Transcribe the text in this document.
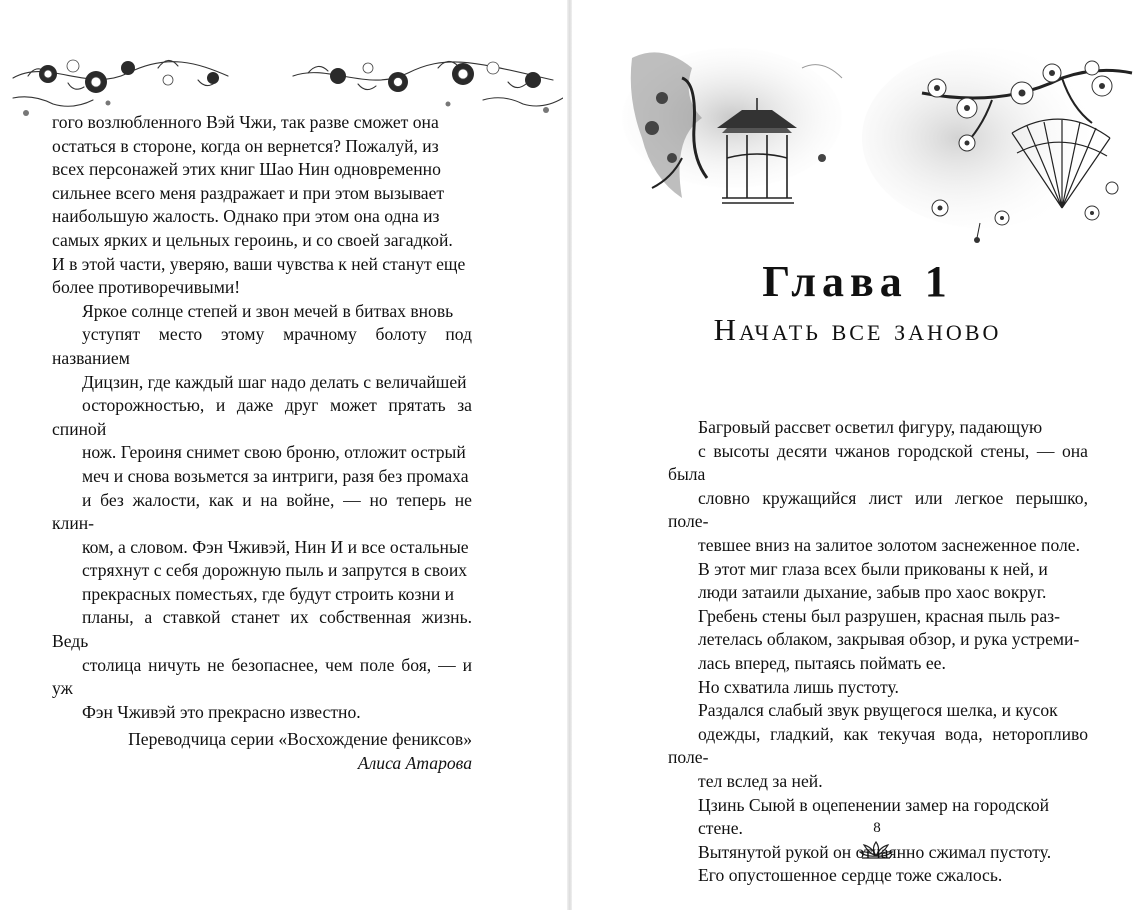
гого возлюбленного Вэй Чжи, так разве сможет она
остаться в стороне, когда он вернется? Пожалуй, из
всех персонажей этих книг Шао Нин одновременно
сильнее всего меня раздражает и при этом вызывает
наибольшую жалость. Однако при этом она одна из
самых ярких и цельных героинь, и со своей загадкой.
И в этой части, уверяю, ваши чувства к ней станут еще
более противоречивыми!

Яркое солнце степей и звон мечей в битвах вновь
уступят место этому мрачному болоту под названием
Дицзин, где каждый шаг надо делать с величайшей
осторожностью, и даже друг может прятать за спиной
нож. Героиня снимет свою броню, отложит острый
меч и снова возьмется за интриги, разя без промаха
и без жалости, как и на войне, — но теперь не клин-
ком, а словом. Фэн Чживэй, Нин И и все остальные
стряхнут с себя дорожную пыль и запрутся в своих
прекрасных поместьях, где будут строить козни и
планы, а ставкой станет их собственная жизнь. Ведь
столица ничуть не безопаснее, чем поле боя, — и уж
Фэн Чживэй это прекрасно известно.

Переводчица серии «Восхождение фениксов»
Алиса Атарова
Глава 1
Начать все заново
8

Багровый рассвет осветил фигуру, падающую
с высоты десяти чжанов городской стены, — она была
словно кружащийся лист или легкое перышко, поле-
тевшее вниз на залитое золотом заснеженное поле.

В этот миг глаза всех были прикованы к ней, и
люди затаили дыхание, забыв про хаос вокруг.

Гребень стены был разрушен, красная пыль раз-
летелась облаком, закрывая обзор, и рука устреми-
лась вперед, пытаясь поймать ее.

Но схватила лишь пустоту.

Раздался слабый звук рвущегося шелка, и кусок
одежды, гладкий, как текучая вода, неторопливо поле-
тел вслед за ней.

Цзинь Сыюй в оцепенении замер на городской
стене.

Вытянутой рукой он отчаянно сжимал пустоту.

Его опустошенное сердце тоже сжалось.
